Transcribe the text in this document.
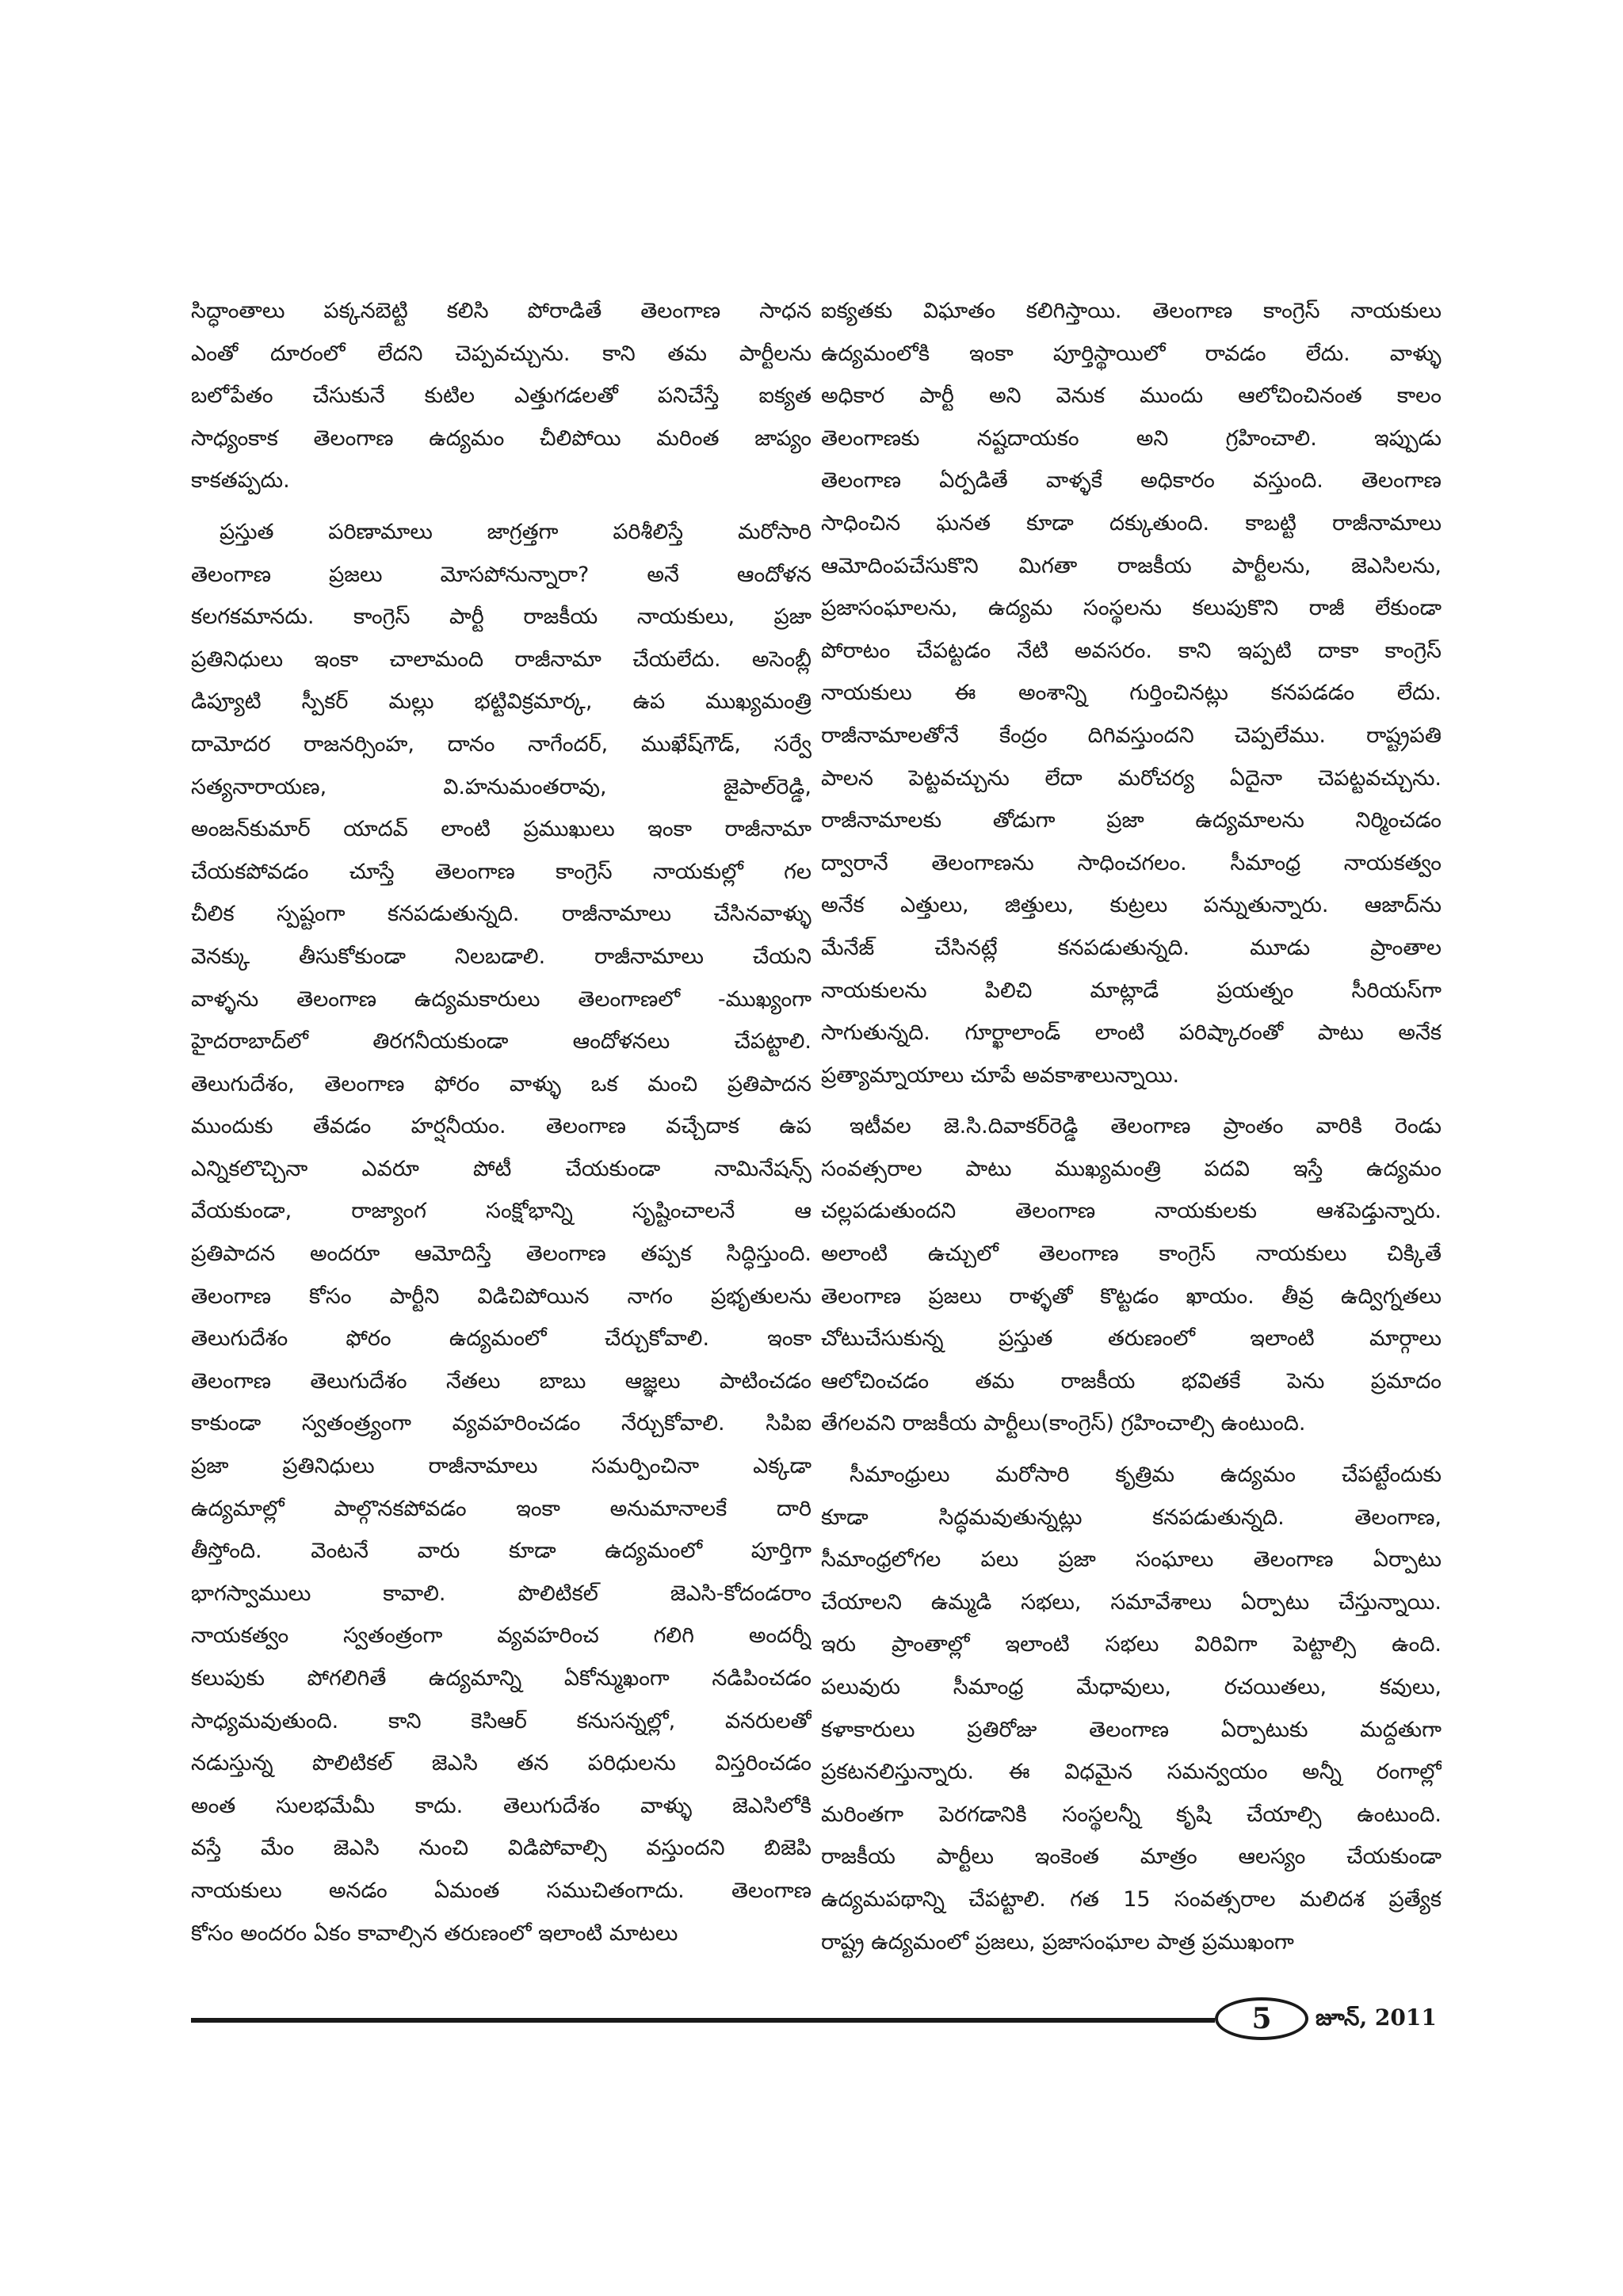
సిద్ధాంతాలు పక్కనబెట్టి కలిసి పోరాడితే తెలంగాణ సాధన
ఎంతో దూరంలో లేదని చెప్పవచ్చును. కాని తమ పార్టీలను
బలోపేతం చేసుకునే కుటిల ఎత్తుగడలతో పనిచేస్తే ఐక్యత
సాధ్యంకాక తెలంగాణ ఉద్యమం చీలిపోయి మరింత జాప్యం
కాకతప్పదు.
ప్రస్తుత పరిణామాలు జాగ్రత్తగా పరిశీలిస్తే మరోసారి
తెలంగాణ ప్రజలు మోసపోనున్నారా? అనే ఆందోళన
కలగకమానదు. కాంగ్రెస్ పార్టీ రాజకీయ నాయకులు, ప్రజా
ప్రతినిధులు ఇంకా చాలామంది రాజీనామా చేయలేదు. అసెంబ్లీ
డిప్యూటి స్పీకర్ మల్లు భట్టివిక్రమార్క, ఉప ముఖ్యమంత్రి
దామోదర రాజనర్సింహ, దానం నాగేందర్, ముఖేష్‌గౌడ్, సర్వే
సత్యనారాయణ, వి.హనుమంతరావు, జైపాల్‌రెడ్డి,
అంజన్‌కుమార్ యాదవ్ లాంటి ప్రముఖులు ఇంకా రాజీనామా
చేయకపోవడం చూస్తే తెలంగాణ కాంగ్రెస్ నాయకుల్లో గల
చీలిక స్పష్టంగా కనపడుతున్నది. రాజీనామాలు చేసినవాళ్ళు
వెనక్కు తీసుకోకుండా నిలబడాలి. రాజీనామాలు చేయని
వాళ్ళను తెలంగాణ ఉద్యమకారులు తెలంగాణలో -ముఖ్యంగా
హైదరాబాద్‌లో తిరగనీయకుండా ఆందోళనలు చేపట్టాలి.
తెలుగుదేశం, తెలంగాణ ఫోరం వాళ్ళు ఒక మంచి ప్రతిపాదన
ముందుకు తేవడం హర్షనీయం. తెలంగాణ వచ్చేదాక ఉప
ఎన్నికలొచ్చినా ఎవరూ పోటీ చేయకుండా నామినేషన్స్
వేయకుండా, రాజ్యాంగ సంక్షోభాన్ని సృష్టించాలనే ఆ
ప్రతిపాదన అందరూ ఆమోదిస్తే తెలంగాణ తప్పక సిద్ధిస్తుంది.
తెలంగాణ కోసం పార్టీని విడిచిపోయిన నాగం ప్రభృతులను
తెలుగుదేశం ఫోరం ఉద్యమంలో చేర్చుకోవాలి. ఇంకా
తెలంగాణ తెలుగుదేశం నేతలు బాబు ఆజ్ఞలు పాటించడం
కాకుండా స్వతంత్ర్యంగా వ్యవహరించడం నేర్చుకోవాలి. సిపిఐ
ప్రజా ప్రతినిధులు రాజీనామాలు సమర్పించినా ఎక్కడా
ఉద్యమాల్లో పాల్గొనకపోవడం ఇంకా అనుమానాలకే దారి
తీస్తోంది. వెంటనే వారు కూడా ఉద్యమంలో పూర్తిగా
భాగస్వాములు కావాలి. పొలిటికల్ జెఎసి-కోదండరాం
నాయకత్వం స్వతంత్రంగా వ్యవహరించ గలిగి అందర్నీ
కలుపుకు పోగలిగితే ఉద్యమాన్ని ఏకోన్ముఖంగా నడిపించడం
సాధ్యమవుతుంది. కాని కెసిఆర్ కనుసన్నల్లో, వనరులతో
నడుస్తున్న పొలిటికల్ జెఎసి తన పరిధులను విస్తరించడం
అంత సులభమేమీ కాదు. తెలుగుదేశం వాళ్ళు జెఎసిలోకి
వస్తే మేం జెఎసి నుంచి విడిపోవాల్సి వస్తుందని బిజెపి
నాయకులు అనడం ఏమంత సముచితంగాదు. తెలంగాణ
కోసం అందరం ఏకం కావాల్సిన తరుణంలో ఇలాంటి మాటలు
ఐక్యతకు విఘాతం కలిగిస్తాయి. తెలంగాణ కాంగ్రెస్ నాయకులు
ఉద్యమంలోకి ఇంకా పూర్తిస్థాయిలో రావడం లేదు. వాళ్ళు
అధికార పార్టీ అని వెనుక ముందు ఆలోచించినంత కాలం
తెలంగాణకు నష్టదాయకం అని గ్రహించాలి. ఇప్పుడు
తెలంగాణ ఏర్పడితే వాళ్ళకే అధికారం వస్తుంది. తెలంగాణ
సాధించిన ఘనత కూడా దక్కుతుంది. కాబట్టి రాజీనామాలు
ఆమోదింపచేసుకొని మిగతా రాజకీయ పార్టీలను, జెఎసిలను,
ప్రజాసంఘాలను, ఉద్యమ సంస్థలను కలుపుకొని రాజీ లేకుండా
పోరాటం చేపట్టడం నేటి అవసరం. కాని ఇప్పటి దాకా కాంగ్రెస్
నాయకులు ఈ అంశాన్ని గుర్తించినట్లు కనపడడం లేదు.
రాజీనామాలతోనే కేంద్రం దిగివస్తుందని చెప్పలేము. రాష్ట్రపతి
పాలన పెట్టవచ్చును లేదా మరోచర్య ఏదైనా చెపట్టవచ్చును.
రాజీనామాలకు తోడుగా ప్రజా ఉద్యమాలను నిర్మించడం
ద్వారానే తెలంగాణను సాధించగలం. సీమాంధ్ర నాయకత్వం
అనేక ఎత్తులు, జిత్తులు, కుట్రలు పన్నుతున్నారు. ఆజాద్‌ను
మేనేజ్ చేసినట్లే కనపడుతున్నది. మూడు ప్రాంతాల
నాయకులను పిలిచి మాట్లాడే ప్రయత్నం సీరియస్‌గా
సాగుతున్నది. గూర్ఖాలాండ్ లాంటి పరిష్కారంతో పాటు అనేక
ప్రత్యామ్నాయాలు చూపే అవకాశాలున్నాయి.
ఇటీవల జె.సి.దివాకర్‌రెడ్డి తెలంగాణ ప్రాంతం వారికి రెండు
సంవత్సరాల పాటు ముఖ్యమంత్రి పదవి ఇస్తే ఉద్యమం
చల్లపడుతుందని తెలంగాణ నాయకులకు ఆశపెడ్తున్నారు.
అలాంటి ఉచ్చులో తెలంగాణ కాంగ్రెస్ నాయకులు చిక్కితే
తెలంగాణ ప్రజలు రాళ్ళతో కొట్టడం ఖాయం. తీవ్ర ఉద్విగ్నతలు
చోటుచేసుకున్న ప్రస్తుత తరుణంలో ఇలాంటి మార్గాలు
ఆలోచించడం తమ రాజకీయ భవితకే పెను ప్రమాదం
తేగలవని రాజకీయ పార్టీలు(కాంగ్రెస్) గ్రహించాల్సి ఉంటుంది.
సీమాంధ్రులు మరోసారి కృత్రిమ ఉద్యమం చేపట్టేందుకు
కూడా సిద్ధమవుతున్నట్లు కనపడుతున్నది. తెలంగాణ,
సీమాంధ్రలోగల పలు ప్రజా సంఘాలు తెలంగాణ ఏర్పాటు
చేయాలని ఉమ్మడి సభలు, సమావేశాలు ఏర్పాటు చేస్తున్నాయి.
ఇరు ప్రాంతాల్లో ఇలాంటి సభలు విరివిగా పెట్టాల్సి ఉంది.
పలువురు సీమాంధ్ర మేధావులు, రచయితలు, కవులు,
కళాకారులు ప్రతిరోజు తెలంగాణ ఏర్పాటుకు మద్దతుగా
ప్రకటనలిస్తున్నారు. ఈ విధమైన సమన్వయం అన్నీ రంగాల్లో
మరింతగా పెరగడానికి సంస్థలన్నీ కృషి చేయాల్సి ఉంటుంది.
రాజకీయ పార్టీలు ఇంకెంత మాత్రం ఆలస్యం చేయకుండా
ఉద్యమపథాన్ని చేపట్టాలి. గత 15 సంవత్సరాల మలిదశ ప్రత్యేక
రాష్ట్ర ఉద్యమంలో ప్రజలు, ప్రజాసంఘాల పాత్ర ప్రముఖంగా
5 జూన్, 2011
